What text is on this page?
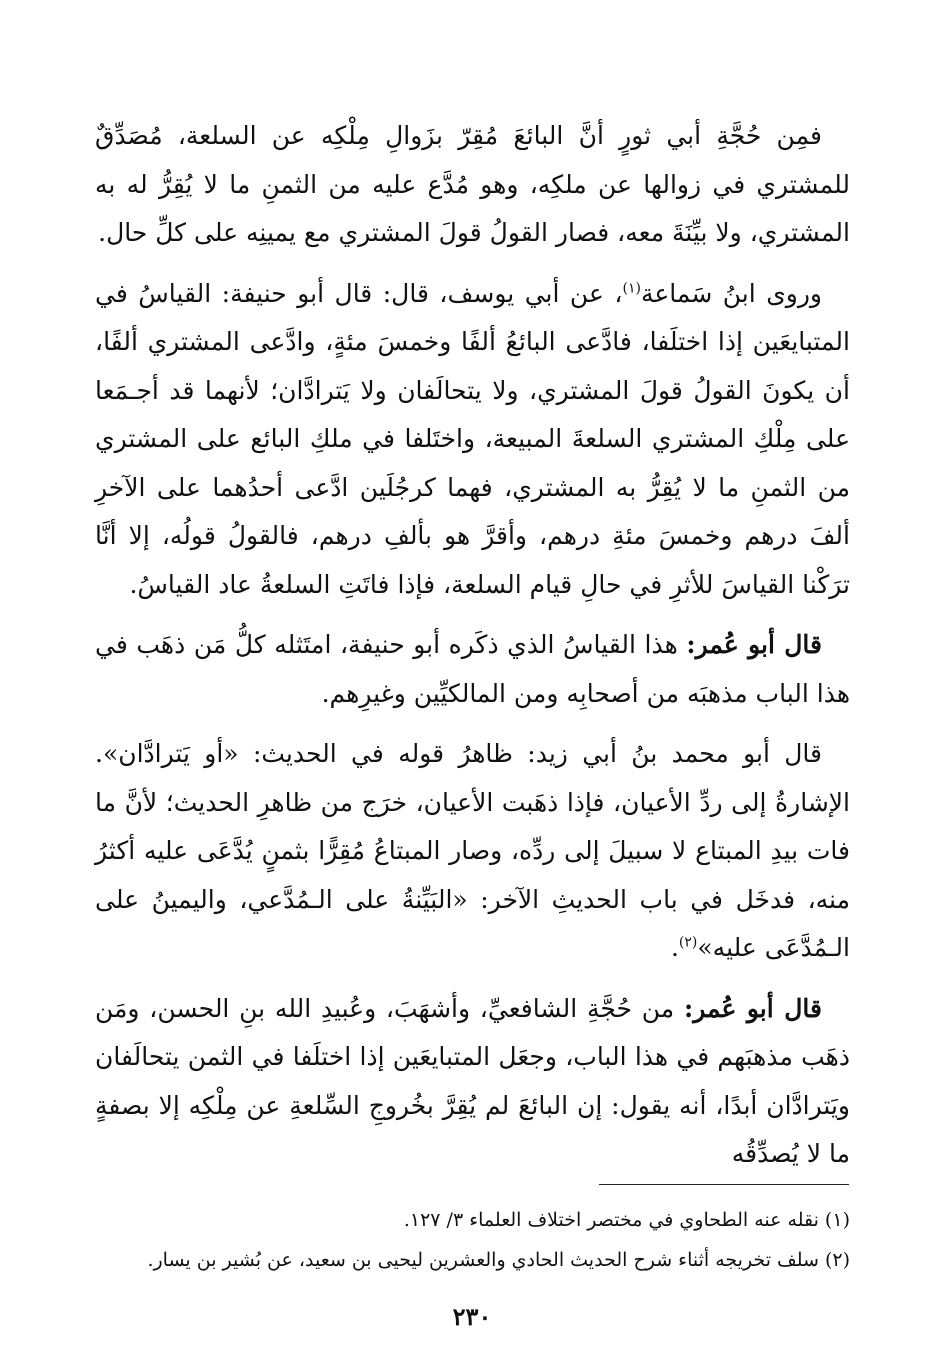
فمِن حُجَّةِ أبي ثورٍ أنَّ البائعَ مُقِرّ بزَوالِ مِلْكِه عن السلعة، مُصَدِّقٌ للمشتري في زوالها عن ملكِه، وهو مُدَّع عليه من الثمنِ ما لا يُقِرُّ له به المشتري، ولا بيِّنَةَ معه، فصار القولُ قولَ المشتري مع يمينِه على كلِّ حال.

وروى ابنُ سَماعة$^{(١)}$، عن أبي يوسف، قال: قال أبو حنيفة: القياسُ في المتبايعَين إذا اختلَفا، فادَّعى البائعُ ألفًا وخمسَ مئةٍ، وادَّعى المشتري ألفًا، أن يكونَ القولُ قولَ المشتري، ولا يتحالَفان ولا يَترادَّان؛ لأنهما قد أجـمَعا على مِلْكِ المشتري السلعةَ المبيعة، واختَلفا في ملكِ البائع على المشتري من الثمنِ ما لا يُقِرُّ به المشتري، فهما كرجُلَين ادَّعى أحدُهما على الآخرِ ألفَ درهم وخمسَ مئةِ درهم، وأقرَّ هو بألفِ درهم، فالقولُ قولُه، إلا أنَّا ترَكْنا القياسَ للأثرِ في حالِ قيام السلعة، فإذا فاتَتِ السلعةُ عاد القياسُ.

قال أبو عُمر: هذا القياسُ الذي ذكَره أبو حنيفة، امتَثله كلُّ مَن ذهَب في هذا الباب مذهبَه من أصحابِه ومن المالكيِّين وغيرِهم.

قال أبو محمد بنُ أبي زيد: ظاهرُ قوله في الحديث: «أو يَترادَّان». الإشارةُ إلى ردِّ الأعيان، فإذا ذهَبت الأعيان، خرَج من ظاهرِ الحديث؛ لأنَّ ما فات بيدِ المبتاع لا سبيلَ إلى ردِّه، وصار المبتاعُ مُقِرًّا بثمنٍ يُدَّعَى عليه أكثرُ منه، فدخَل في باب الحديثِ الآخر: «البَيِّنةُ على الـمُدَّعي، واليمينُ على الـمُدَّعَى عليه»$^{(٢)}$.

قال أبو عُمر: من حُجَّةِ الشافعيِّ، وأشهَبَ، وعُبيدِ الله بنِ الحسن، ومَن ذهَب مذهبَهم في هذا الباب، وجعَل المتبايعَين إذا اختلَفا في الثمن يتحالَفان ويَترادَّان أبدًا، أنه يقول: إن البائعَ لم يُقِرَّ بخُروجِ السِّلعةِ عن مِلْكِه إلا بصفةٍ ما لا يُصدِّقُه

(١) نقله عنه الطحاوي في مختصر اختلاف العلماء ٣/ ١٢٧.

(٢) سلف تخريجه أثناء شرح الحديث الحادي والعشرين ليحيى بن سعيد، عن بُشير بن يسار.

٢٣٠
